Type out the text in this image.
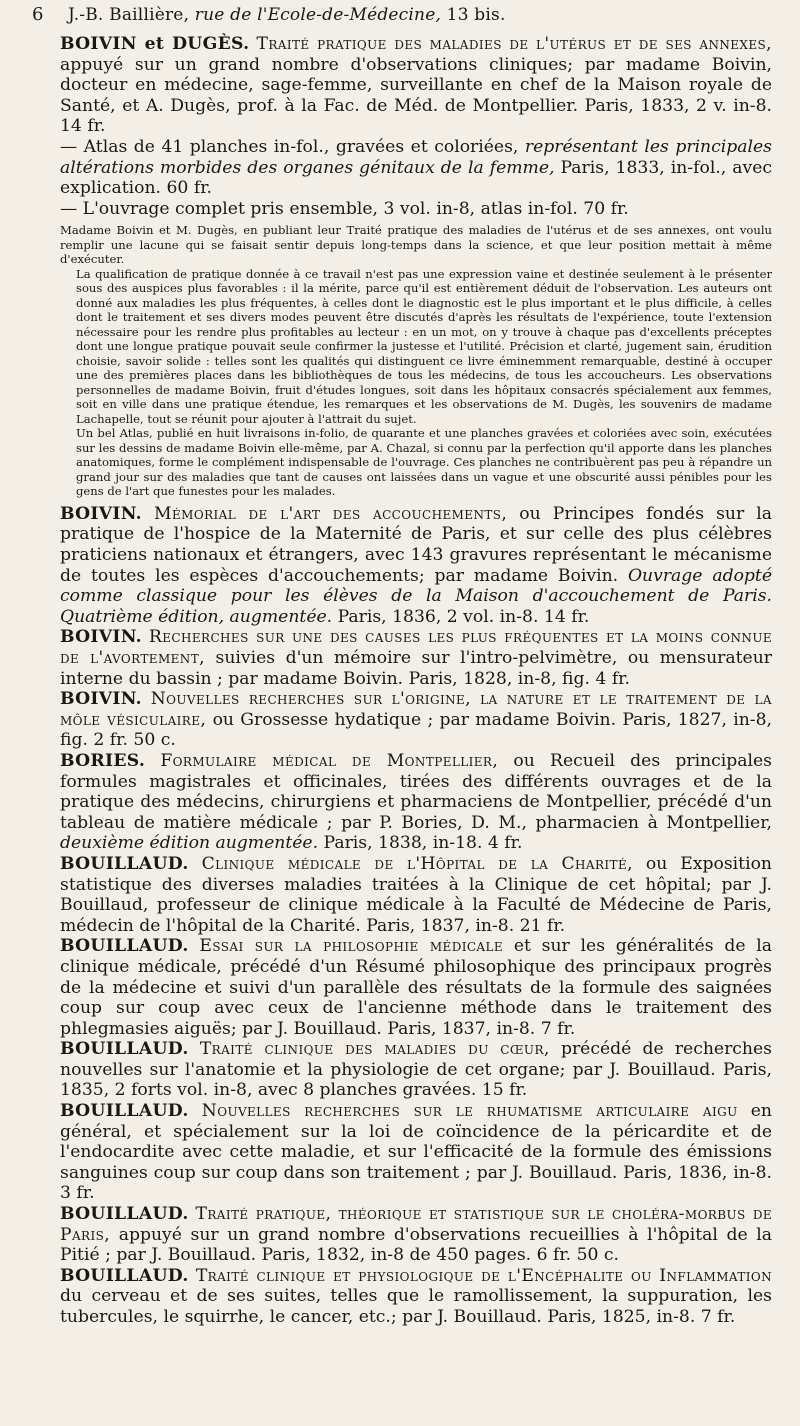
6	J.-B. Baillière, rue de l'Ecole-de-Médecine, 13 bis.

BOIVIN et DUGÈS. Traité pratique des maladies de l'utérus et de ses annexes, appuyé sur un grand nombre d'observations cliniques; par madame Boivin, docteur en médecine, sage-femme, surveillante en chef de la Maison royale de Santé, et A. Dugès, prof. à la Fac. de Méd. de Montpellier. Paris, 1833, 2 v. in-8. 14 fr.

— Atlas de 41 planches in-fol., gravées et coloriées, représentant les principales altérations morbides des organes génitaux de la femme, Paris, 1833, in-fol., avec explication. 60 fr.

— L'ouvrage complet pris ensemble, 3 vol. in-8, atlas in-fol. 70 fr.

Madame Boivin et M. Dugès, en publiant leur Traité pratique des maladies de l'utérus et de ses annexes, ont voulu remplir une lacune qui se faisait sentir depuis long-temps dans la science, et que leur position mettait à même d'exécuter.
La qualification de pratique donnée à ce travail n'est pas une expression vaine et destinée seulement à le présenter sous des auspices plus favorables : il la mérite, parce qu'il est entièrement déduit de l'observation. Les auteurs ont donné aux maladies les plus fréquentes, à celles dont le diagnostic est le plus important et le plus difficile, à celles dont le traitement et ses divers modes peuvent être discutés d'après les résultats de l'expérience, toute l'extension nécessaire pour les rendre plus profitables au lecteur : en un mot, on y trouve à chaque pas d'excellents préceptes dont une longue pratique pouvait seule confirmer la justesse et l'utilité. Précision et clarté, jugement sain, érudition choisie, savoir solide : telles sont les qualités qui distinguent ce livre éminemment remarquable, destiné à occuper une des premières places dans les bibliothèques de tous les médecins, de tous les accoucheurs. Les observations personnelles de madame Boivin, fruit d'études longues, soit dans les hôpitaux consacrés spécialement aux femmes, soit en ville dans une pratique étendue, les remarques et les observations de M. Dugès, les souvenirs de madame Lachapelle, tout se réunit pour ajouter à l'attrait du sujet.
Un bel Atlas, publié en huit livraisons in-folio, de quarante et une planches gravées et coloriées avec soin, exécutées sur les dessins de madame Boivin elle-même, par A. Chazal, si connu par la perfection qu'il apporte dans les planches anatomiques, forme le complément indispensable de l'ouvrage. Ces planches ne contribuèrent pas peu à répandre un grand jour sur des maladies que tant de causes ont laissées dans un vague et une obscurité aussi pénibles pour les gens de l'art que funestes pour les malades.

BOIVIN. Mémorial de l'art des accouchements, ou Principes fondés sur la pratique de l'hospice de la Maternité de Paris, et sur celle des plus célèbres praticiens nationaux et étrangers, avec 143 gravures représentant le mécanisme de toutes les espèces d'accouchements; par madame Boivin. Ouvrage adopté comme classique pour les élèves de la Maison d'accouchement de Paris. Quatrième édition, augmentée. Paris, 1836, 2 vol. in-8. 14 fr.

BOIVIN. Recherches sur une des causes les plus fréquentes et la moins connue de l'avortement, suivies d'un mémoire sur l'intro-pelvimètre, ou mensurateur interne du bassin ; par madame Boivin. Paris, 1828, in-8, fig. 4 fr.

BOIVIN. Nouvelles recherches sur l'origine, la nature et le traitement de la môle vésiculaire, ou Grossesse hydatique ; par madame Boivin. Paris, 1827, in-8, fig. 2 fr. 50 c.

BORIES. Formulaire médical de Montpellier, ou Recueil des principales formules magistrales et officinales, tirées des différents ouvrages et de la pratique des médecins, chirurgiens et pharmaciens de Montpellier, précédé d'un tableau de matière médicale ; par P. Bories, D. M., pharmacien à Montpellier, deuxième édition augmentée. Paris, 1838, in-18. 4 fr.

BOUILLAUD. Clinique médicale de l'Hôpital de la Charité, ou Exposition statistique des diverses maladies traitées à la Clinique de cet hôpital; par J. Bouillaud, professeur de clinique médicale à la Faculté de Médecine de Paris, médecin de l'hôpital de la Charité. Paris, 1837, in-8. 21 fr.

BOUILLAUD. Essai sur la philosophie médicale et sur les généralités de la clinique médicale, précédé d'un Résumé philosophique des principaux progrès de la médecine et suivi d'un parallèle des résultats de la formule des saignées coup sur coup avec ceux de l'ancienne méthode dans le traitement des phlegmasies aiguës; par J. Bouillaud. Paris, 1837, in-8. 7 fr.

BOUILLAUD. Traité clinique des maladies du cœur, précédé de recherches nouvelles sur l'anatomie et la physiologie de cet organe; par J. Bouillaud. Paris, 1835, 2 forts vol. in-8, avec 8 planches gravées. 15 fr.

BOUILLAUD. Nouvelles recherches sur le rhumatisme articulaire aigu en général, et spécialement sur la loi de coïncidence de la péricardite et de l'endocardite avec cette maladie, et sur l'efficacité de la formule des émissions sanguines coup sur coup dans son traitement ; par J. Bouillaud. Paris, 1836, in-8. 3 fr.

BOUILLAUD. Traité pratique, théorique et statistique sur le choléra-morbus de Paris, appuyé sur un grand nombre d'observations recueillies à l'hôpital de la Pitié ; par J. Bouillaud. Paris, 1832, in-8 de 450 pages. 6 fr. 50 c.

BOUILLAUD. Traité clinique et physiologique de l'Encéphalite ou Inflammation du cerveau et de ses suites, telles que le ramollissement, la suppuration, les tubercules, le squirrhe, le cancer, etc.; par J. Bouillaud. Paris, 1825, in-8. 7 fr.
